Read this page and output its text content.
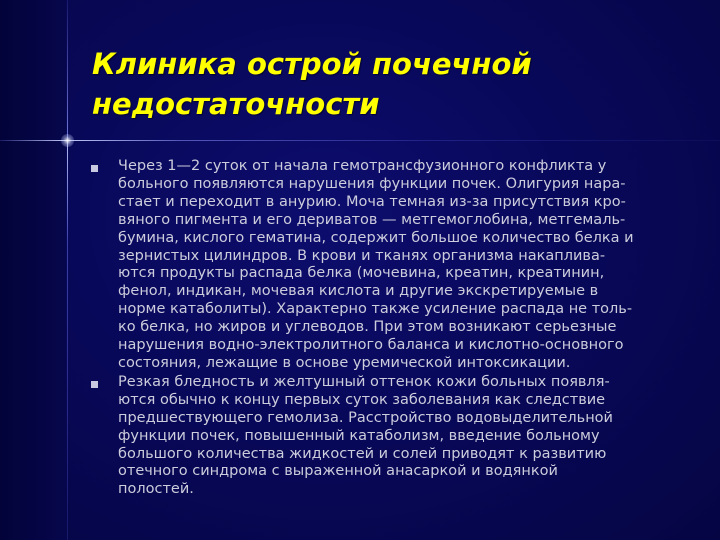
Клиника острой почечной
недостаточности
Через 1—2 суток от начала гемотрансфузионного конфликта у
больного появляются нарушения функции почек. Олигурия нара-
стает и переходит в анурию. Моча темная из-за присутствия кро-
вяного пигмента и его дериватов — метгемоглобина, метгемаль-
бумина, кислого гематина, содержит большое количество белка и
зернистых цилиндров. В крови и тканях организма накаплива-
ются продукты распада белка (мочевина, креатин, креатинин,
фенол, индикан, мочевая кислота и другие экскретируемые в
норме катаболиты). Характерно также усиление распада не толь-
ко белка, но жиров и углеводов. При этом возникают серьезные
нарушения водно-электролитного баланса и кислотно-основного
состояния, лежащие в основе уремической интоксикации.
Резкая бледность и желтушный оттенок кожи больных появля-
ются обычно к концу первых суток заболевания как следствие
предшествующего гемолиза. Расстройство водовыделительной
функции почек, повышенный катаболизм, введение больному
большого количества жидкостей и солей приводят к развитию
отечного синдрома с выраженной анасаркой и водянкой
полостей.
